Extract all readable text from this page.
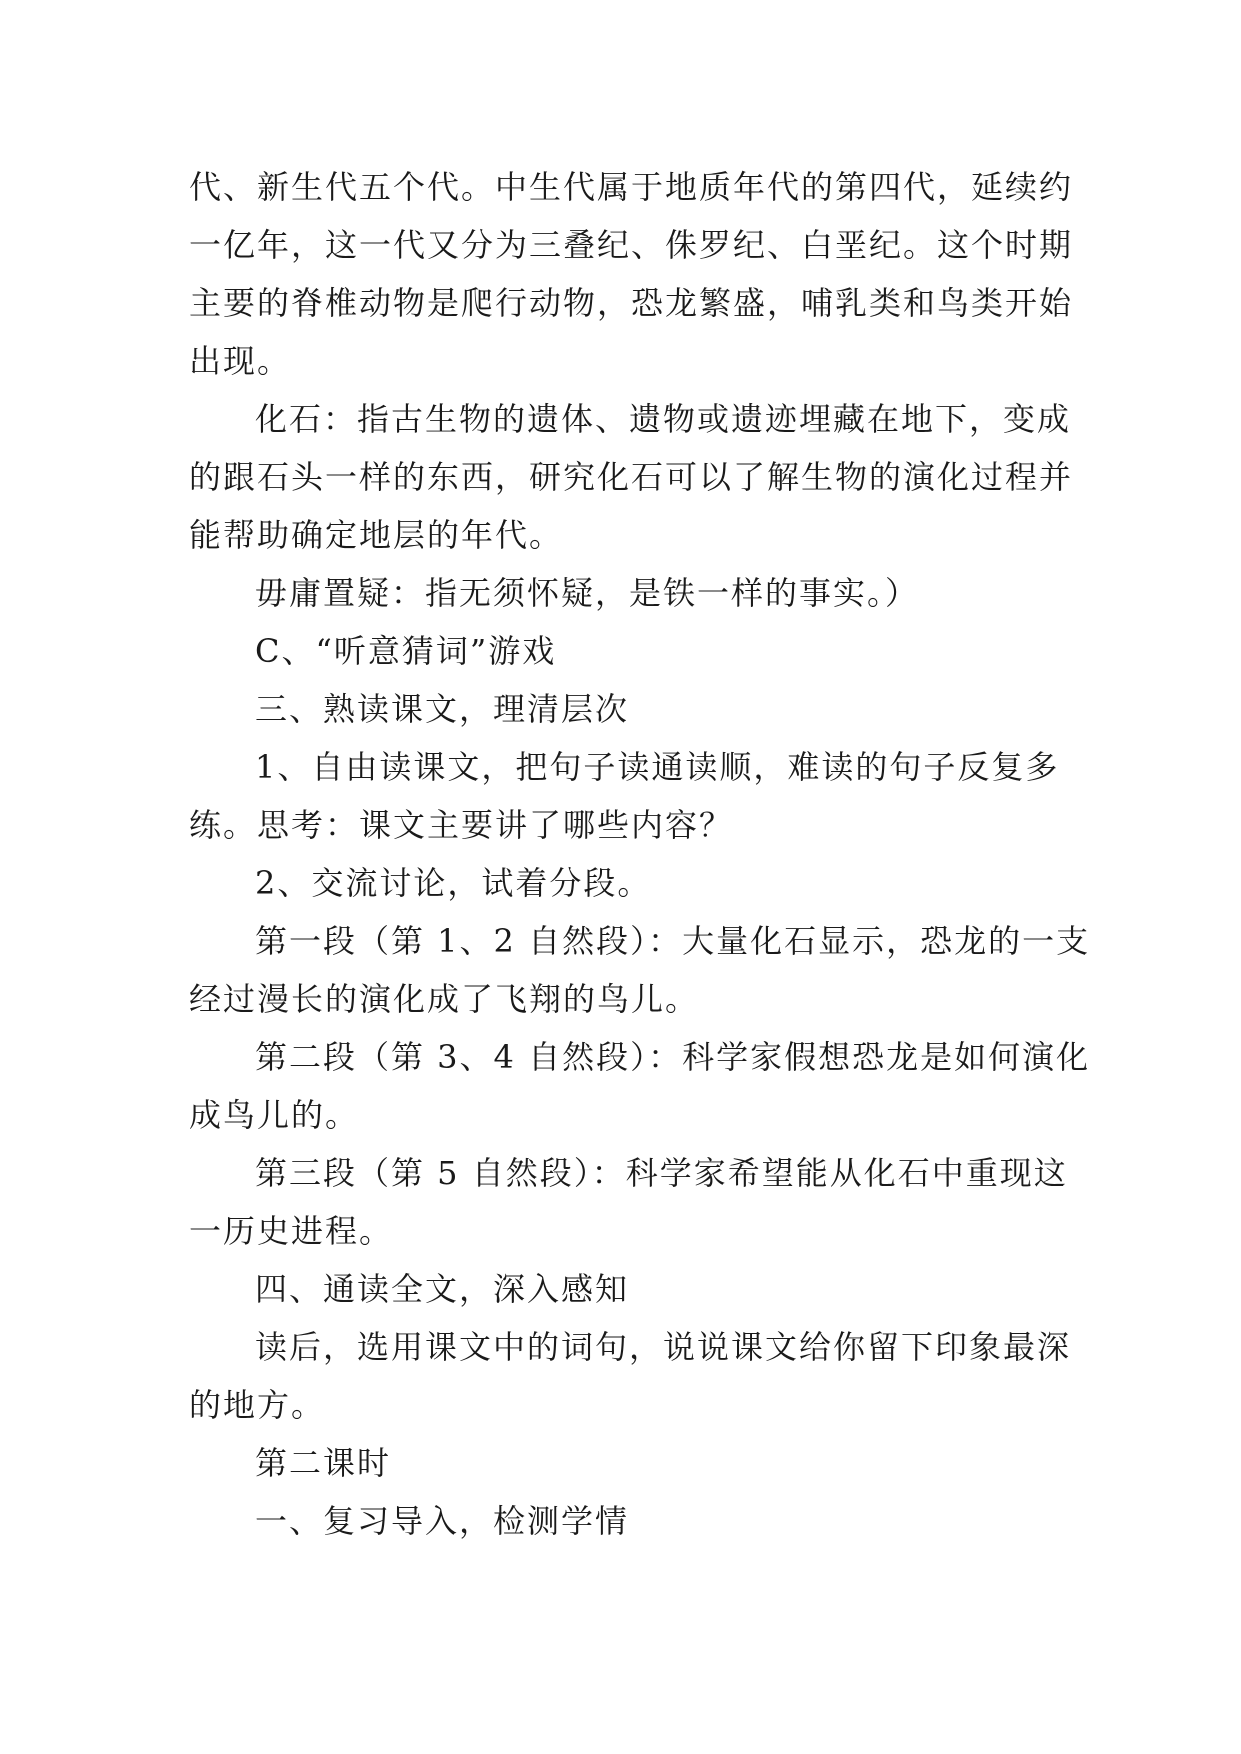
代、新生代五个代。中生代属于地质年代的第四代，延续约
一亿年，这一代又分为三叠纪、侏罗纪、白垩纪。这个时期
主要的脊椎动物是爬行动物，恐龙繁盛，哺乳类和鸟类开始
出现。

化石：指古生物的遗体、遗物或遗迹埋藏在地下，变成
的跟石头一样的东西，研究化石可以了解生物的演化过程并
能帮助确定地层的年代。

毋庸置疑：指无须怀疑，是铁一样的事实。）

C、“听意猜词”游戏

三、熟读课文，理清层次

1、自由读课文，把句子读通读顺，难读的句子反复多
练。思考：课文主要讲了哪些内容？

2、交流讨论，试着分段。

第一段（第 1、2 自然段）：大量化石显示，恐龙的一支
经过漫长的演化成了飞翔的鸟儿。

第二段（第 3、4 自然段）：科学家假想恐龙是如何演化
成鸟儿的。

第三段（第 5 自然段）：科学家希望能从化石中重现这
一历史进程。

四、通读全文，深入感知

读后，选用课文中的词句，说说课文给你留下印象最深
的地方。

第二课时

一、复习导入，检测学情
